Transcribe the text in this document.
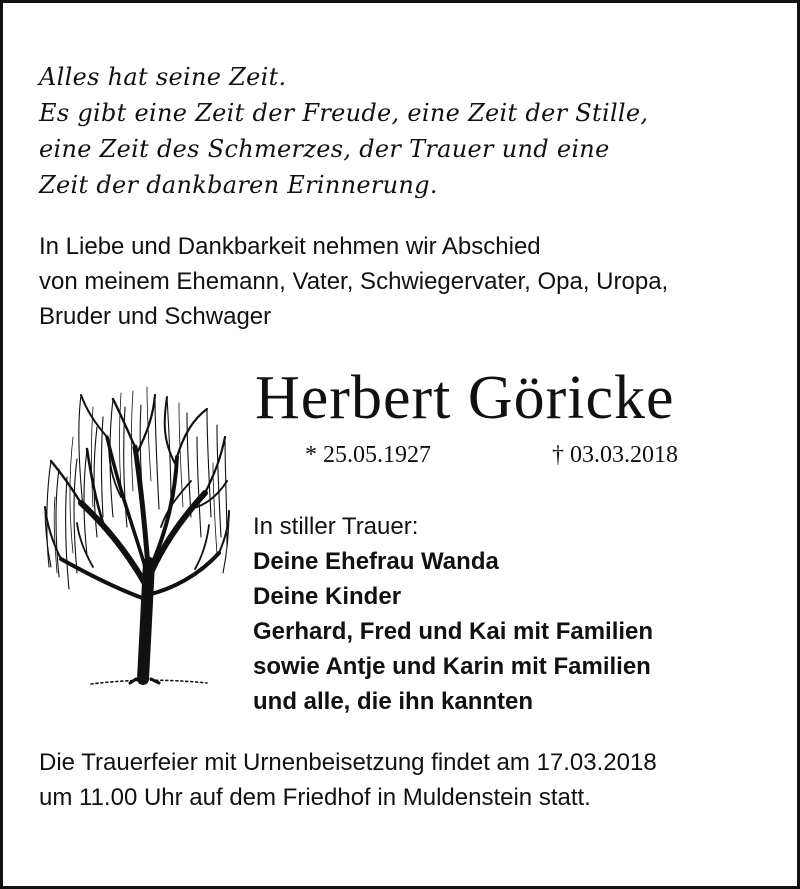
Alles hat seine Zeit.
Es gibt eine Zeit der Freude, eine Zeit der Stille,
eine Zeit des Schmerzes, der Trauer und eine
Zeit der dankbaren Erinnerung.
In Liebe und Dankbarkeit nehmen wir Abschied
von meinem Ehemann, Vater, Schwiegervater, Opa, Uropa,
Bruder und Schwager
Herbert Göricke
* 25.05.1927	† 03.03.2018
In stiller Trauer:
Deine Ehefrau Wanda
Deine Kinder
Gerhard, Fred und Kai mit Familien
sowie Antje und Karin mit Familien
und alle, die ihn kannten
Die Trauerfeier mit Urnenbeisetzung findet am 17.03.2018
um 11.00 Uhr auf dem Friedhof in Muldenstein statt.
